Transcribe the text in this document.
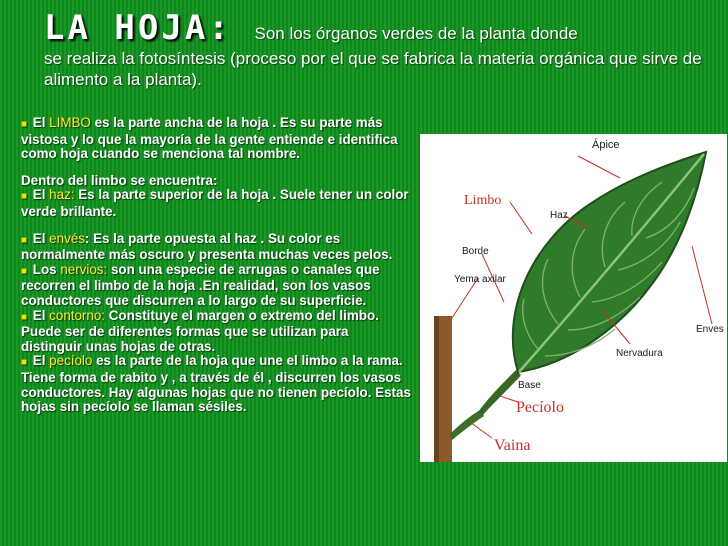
LA HOJA: Son los órganos verdes de la planta donde
se realiza la fotosíntesis (proceso por el que se fabrica la materia orgánica que sirve de alimento a la planta).

■ El LIMBO es la parte ancha de la hoja . Es su parte más vistosa y lo que la mayoría de la gente entiende e identifica como hoja cuando se menciona tal nombre.

Dentro del limbo se encuentra:

■ El haz: Es la parte superior de la hoja . Suele tener un color verde brillante.

■ El envés: Es la parte opuesta al haz . Su color es normalmente más oscuro y presenta muchas veces pelos.

■ Los nervios: son una especie de arrugas o canales que recorren el limbo de la hoja .En realidad, son los vasos conductores que discurren a lo largo de su superficie.

■ El contorno: Constituye el margen o extremo del limbo. Puede ser de diferentes formas que se utilizan para distinguir unas hojas de otras.

■ El pecíolo es la parte de la hoja que une el limbo a la rama. Tiene forma de rabito y , a través de él , discurren los vasos conductores. Hay algunas hojas que no tienen pecíolo. Estas hojas sin pecíolo se llaman sésiles.

Ápice
Limbo
Haz
Borde
Yema axilar
Enves
Base
Nervadura
Pecíolo
Vaina
